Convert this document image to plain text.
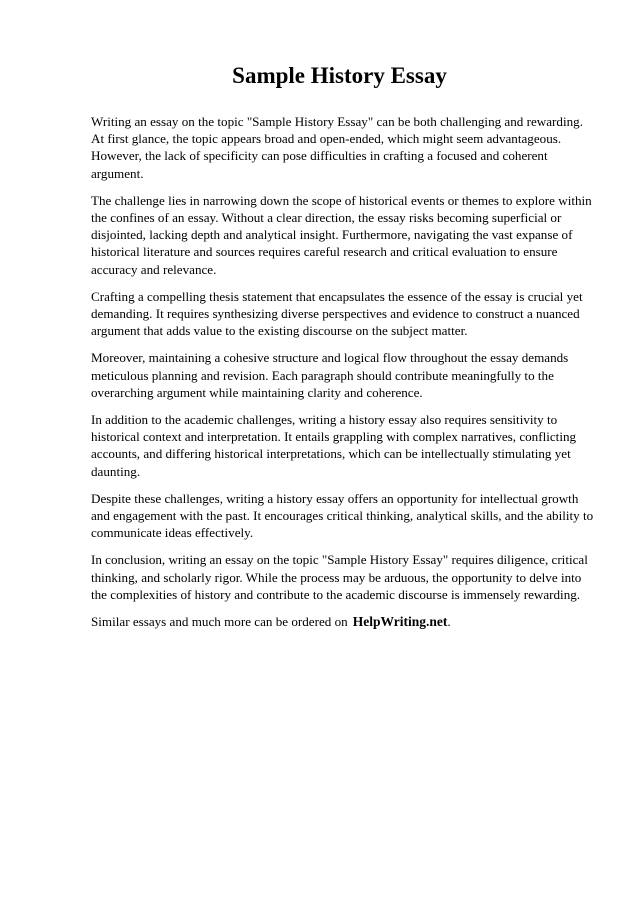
Sample History Essay

Writing an essay on the topic "Sample History Essay" can be both challenging and rewarding. At first glance, the topic appears broad and open-ended, which might seem advantageous. However, the lack of specificity can pose difficulties in crafting a focused and coherent argument.

The challenge lies in narrowing down the scope of historical events or themes to explore within the confines of an essay. Without a clear direction, the essay risks becoming superficial or disjointed, lacking depth and analytical insight. Furthermore, navigating the vast expanse of historical literature and sources requires careful research and critical evaluation to ensure accuracy and relevance.

Crafting a compelling thesis statement that encapsulates the essence of the essay is crucial yet demanding. It requires synthesizing diverse perspectives and evidence to construct a nuanced argument that adds value to the existing discourse on the subject matter.

Moreover, maintaining a cohesive structure and logical flow throughout the essay demands meticulous planning and revision. Each paragraph should contribute meaningfully to the overarching argument while maintaining clarity and coherence.

In addition to the academic challenges, writing a history essay also requires sensitivity to historical context and interpretation. It entails grappling with complex narratives, conflicting accounts, and differing historical interpretations, which can be intellectually stimulating yet daunting.

Despite these challenges, writing a history essay offers an opportunity for intellectual growth and engagement with the past. It encourages critical thinking, analytical skills, and the ability to communicate ideas effectively.

In conclusion, writing an essay on the topic "Sample History Essay" requires diligence, critical thinking, and scholarly rigor. While the process may be arduous, the opportunity to delve into the complexities of history and contribute to the academic discourse is immensely rewarding.

Similar essays and much more can be ordered on HelpWriting.net.
